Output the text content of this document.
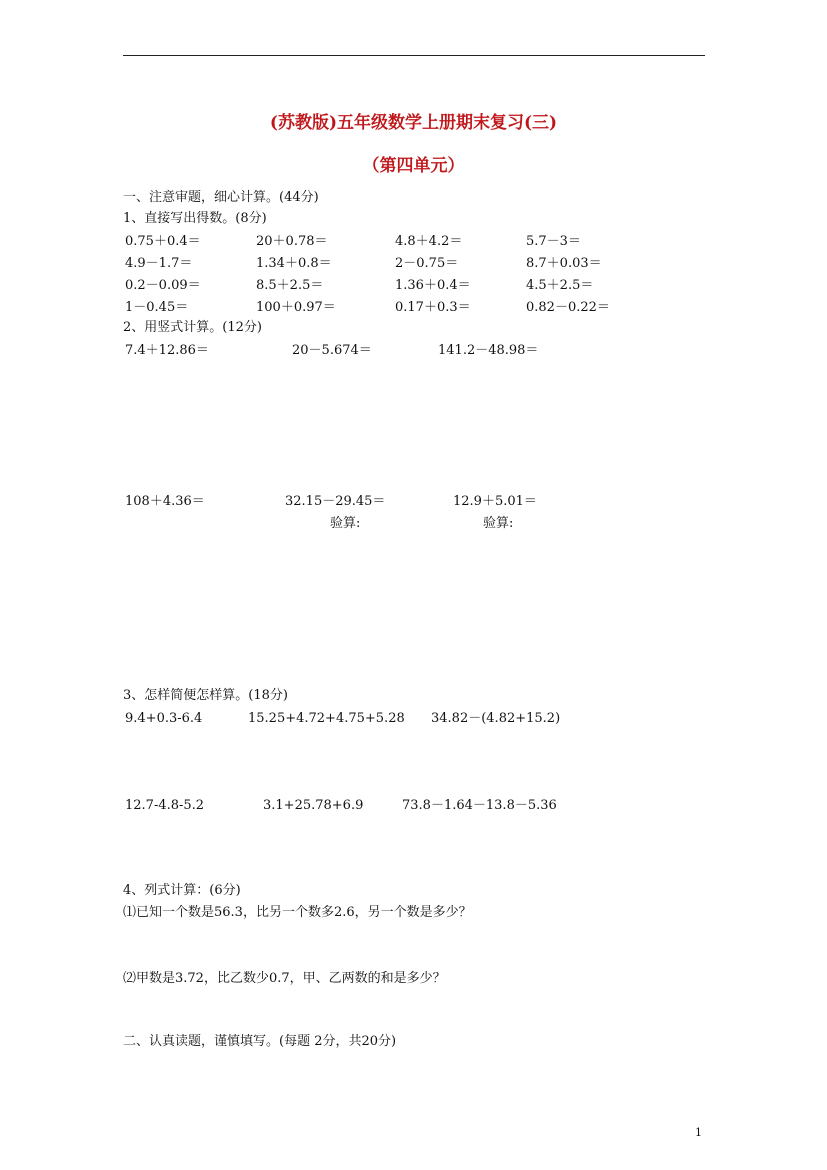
(苏教版)五年级数学上册期末复习(三)
（第四单元）
一、注意审题，细心计算。(44分)
1、直接写出得数。(8分)
0.75＋0.4＝	20＋0.78＝	4.8＋4.2＝	5.7－3＝
4.9－1.7＝	1.34＋0.8＝	2－0.75＝	8.7＋0.03＝
0.2－0.09＝	8.5＋2.5＝	1.36＋0.4＝	4.5＋2.5＝
1－0.45＝	100＋0.97＝	0.17＋0.3＝	0.82－0.22＝
2、用竖式计算。(12分)
7.4＋12.86＝	20－5.674＝	141.2－48.98＝
108＋4.36＝	32.15－29.45＝	12.9＋5.01＝
验算:	验算:
3、怎样简便怎样算。(18分)
9.4+0.3-6.4	15.25+4.72+4.75+5.28 34.82－(4.82+15.2)
12.7-4.8-5.2	3.1+25.78+6.9	73.8－1.64－13.8－5.36
4、列式计算：(6分)
⑴已知一个数是56.3，比另一个数多2.6，另一个数是多少？
⑵甲数是3.72，比乙数少0.7，甲、乙两数的和是多少？
二、认真读题，谨慎填写。(每题 2分，共20分)
1
